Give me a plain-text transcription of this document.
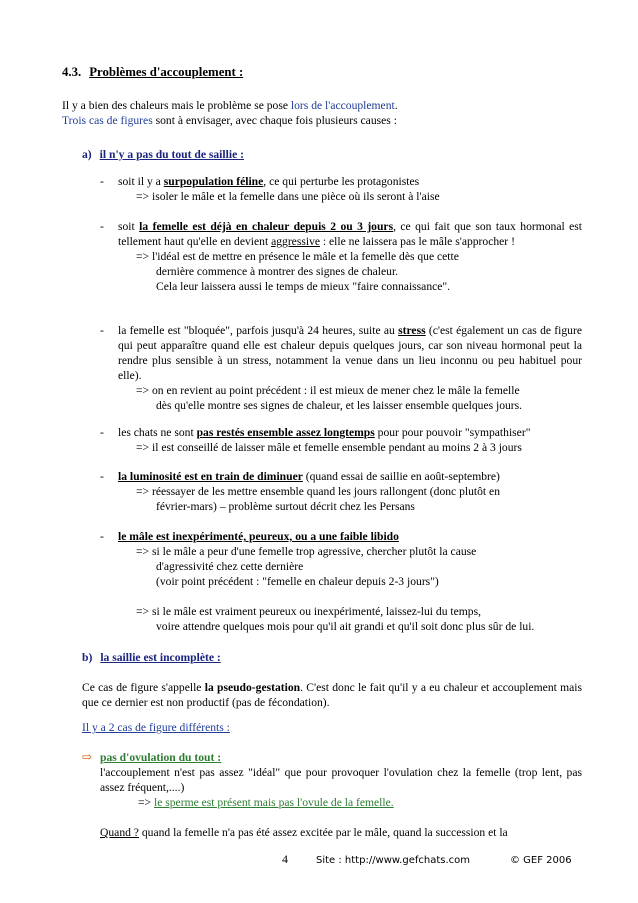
4.3. Problèmes d'accouplement :
Il y a bien des chaleurs mais le problème se pose lors de l'accouplement.
Trois cas de figures sont à envisager, avec chaque fois plusieurs causes :
a) il n'y a pas du tout de saillie :
- soit il y a surpopulation féline, ce qui perturbe les protagonistes
=> isoler le mâle et la femelle dans une pièce où ils seront à l'aise
- soit la femelle est déjà en chaleur depuis 2 ou 3 jours, ce qui fait que son taux hormonal est tellement haut qu'elle en devient aggressive : elle ne laissera pas le mâle s'approcher !
=> l'idéal est de mettre en présence le mâle et la femelle dès que cette
dernière commence à montrer des signes de chaleur.
Cela leur laissera aussi le temps de mieux "faire connaissance".
- la femelle est "bloquée", parfois jusqu'à 24 heures, suite au stress (c'est également un cas de figure qui peut apparaître quand elle est chaleur depuis quelques jours, car son niveau hormonal peut la rendre plus sensible à un stress, notamment la venue dans un lieu inconnu ou peu habituel pour elle).
=> on en revient au point précédent : il est mieux de mener chez le mâle la femelle
dès qu'elle montre ses signes de chaleur, et les laisser ensemble quelques jours.
- les chats ne sont pas restés ensemble assez longtemps pour pour pouvoir "sympathiser"
=> il est conseillé de laisser mâle et femelle ensemble pendant au moins 2 à 3 jours
- la luminosité est en train de diminuer (quand essai de saillie en août-septembre)
=> réessayer de les mettre ensemble quand les jours rallongent (donc plutôt en
février-mars) – problème surtout décrit chez les Persans
- le mâle est inexpérimenté, peureux, ou a une faible libido
=> si le mâle a peur d'une femelle trop agressive, chercher plutôt la cause
d'agressivité chez cette dernière
(voir point précédent : "femelle en chaleur depuis 2-3 jours")
=> si le mâle est vraiment peureux ou inexpérimenté, laissez-lui du temps,
voire attendre quelques mois pour qu'il ait grandi et qu'il soit donc plus sûr de lui.
b) la saillie est incomplète :
Ce cas de figure s'appelle la pseudo-gestation. C'est donc le fait qu'il y a eu chaleur et accouplement mais que ce dernier est non productif (pas de fécondation).
Il y a 2 cas de figure différents :
⇨ pas d'ovulation du tout :
l'accouplement n'est pas assez "idéal" que pour provoquer l'ovulation chez la femelle (trop lent, pas assez fréquent,....)
=> le sperme est présent mais pas l'ovule de la femelle.
Quand ? quand la femelle n'a pas été assez excitée par le mâle, quand la succession et la
4	Site : http://www.gefchats.com	© GEF 2006
